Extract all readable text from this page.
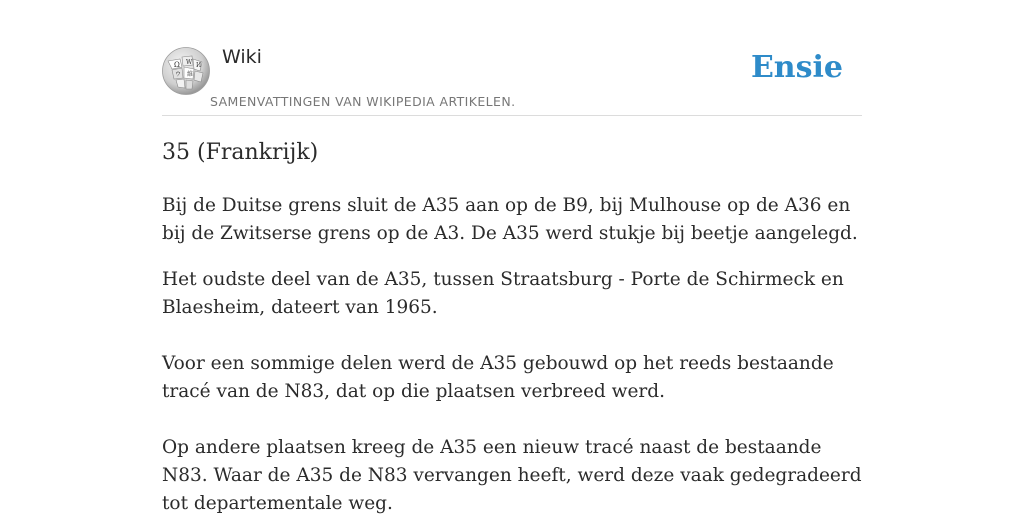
Ω W И
維
ウ
Wiki
SAMENVATTINGEN VAN WIKIPEDIA ARTIKELEN.
Ensie
35 (Frankrijk)

Bij de Duitse grens sluit de A35 aan op de B9, bij Mulhouse op de A36 en bij de Zwitserse grens op de A3. De A35 werd stukje bij beetje aangelegd.

Het oudste deel van de A35, tussen Straatsburg - Porte de Schirmeck en Blaesheim, dateert van 1965.

Voor een sommige delen werd de A35 gebouwd op het reeds bestaande tracé van de N83, dat op die plaatsen verbreed werd.

Op andere plaatsen kreeg de A35 een nieuw tracé naast de bestaande N83. Waar de A35 de N83 vervangen heeft, werd deze vaak gedegradeerd tot departementale weg.
